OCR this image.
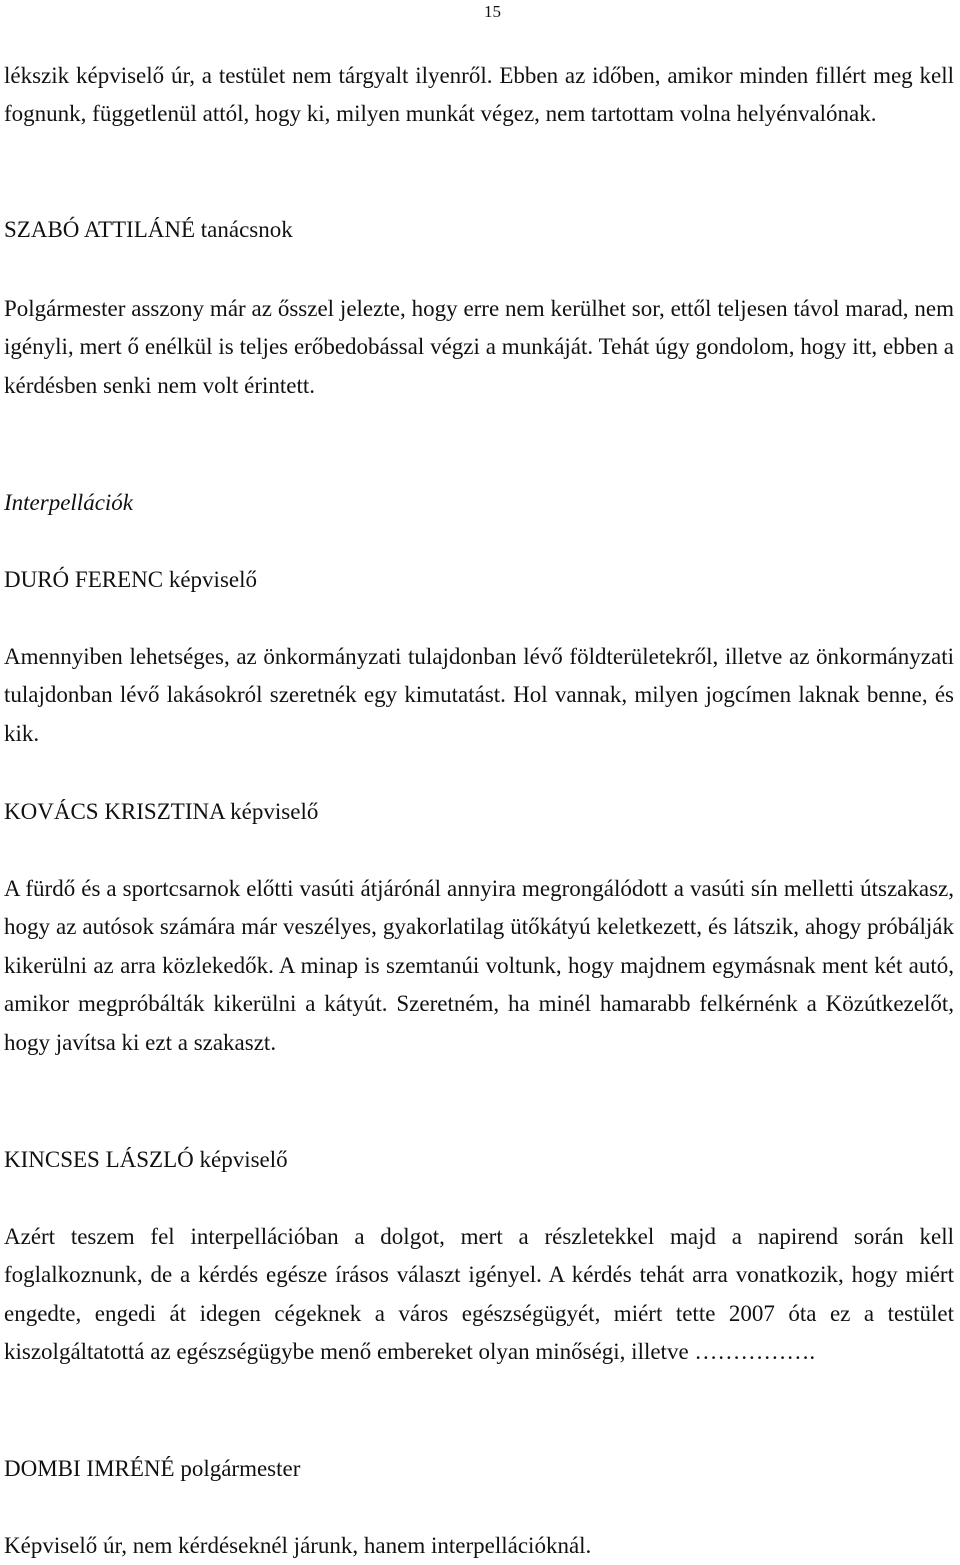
15

lékszik képviselő úr, a testület nem tárgyalt ilyenről. Ebben az időben, amikor minden fillért meg kell fognunk, függetlenül attól, hogy ki, milyen munkát végez, nem tartottam volna helyénvalónak.

SZABÓ ATTILÁNÉ tanácsnok

Polgármester asszony már az ősszel jelezte, hogy erre nem kerülhet sor, ettől teljesen távol marad, nem igényli, mert ő enélkül is teljes erőbedobással végzi a munkáját. Tehát úgy gondolom, hogy itt, ebben a kérdésben senki nem volt érintett.

Interpellációk

DURÓ FERENC képviselő

Amennyiben lehetséges, az önkormányzati tulajdonban lévő földterületekről, illetve az önkormányzati tulajdonban lévő lakásokról szeretnék egy kimutatást. Hol vannak, milyen jogcímen laknak benne, és kik.

KOVÁCS KRISZTINA képviselő

A fürdő és a sportcsarnok előtti vasúti átjárónál annyira megrongálódott a vasúti sín melletti útszakasz, hogy az autósok számára már veszélyes, gyakorlatilag ütőkátyú keletkezett, és látszik, ahogy próbálják kikerülni az arra közlekedők. A minap is szemtanúi voltunk, hogy majdnem egymásnak ment két autó, amikor megpróbálták kikerülni a kátyút. Szeretném, ha minél hamarabb felkérnénk a Közútkezelőt, hogy javítsa ki ezt a szakaszt.

KINCSES LÁSZLÓ képviselő

Azért teszem fel interpellációban a dolgot, mert a részletekkel majd a napirend során kell foglalkoznunk, de a kérdés egésze írásos választ igényel. A kérdés tehát arra vonatkozik, hogy miért engedte, engedi át idegen cégeknek a város egészségügyét, miért tette 2007 óta ez a testület kiszolgáltatottá az egészségügybe menő embereket olyan minőségi, illetve …………….

DOMBI IMRÉNÉ polgármester

Képviselő úr, nem kérdéseknél járunk, hanem interpellációknál.
